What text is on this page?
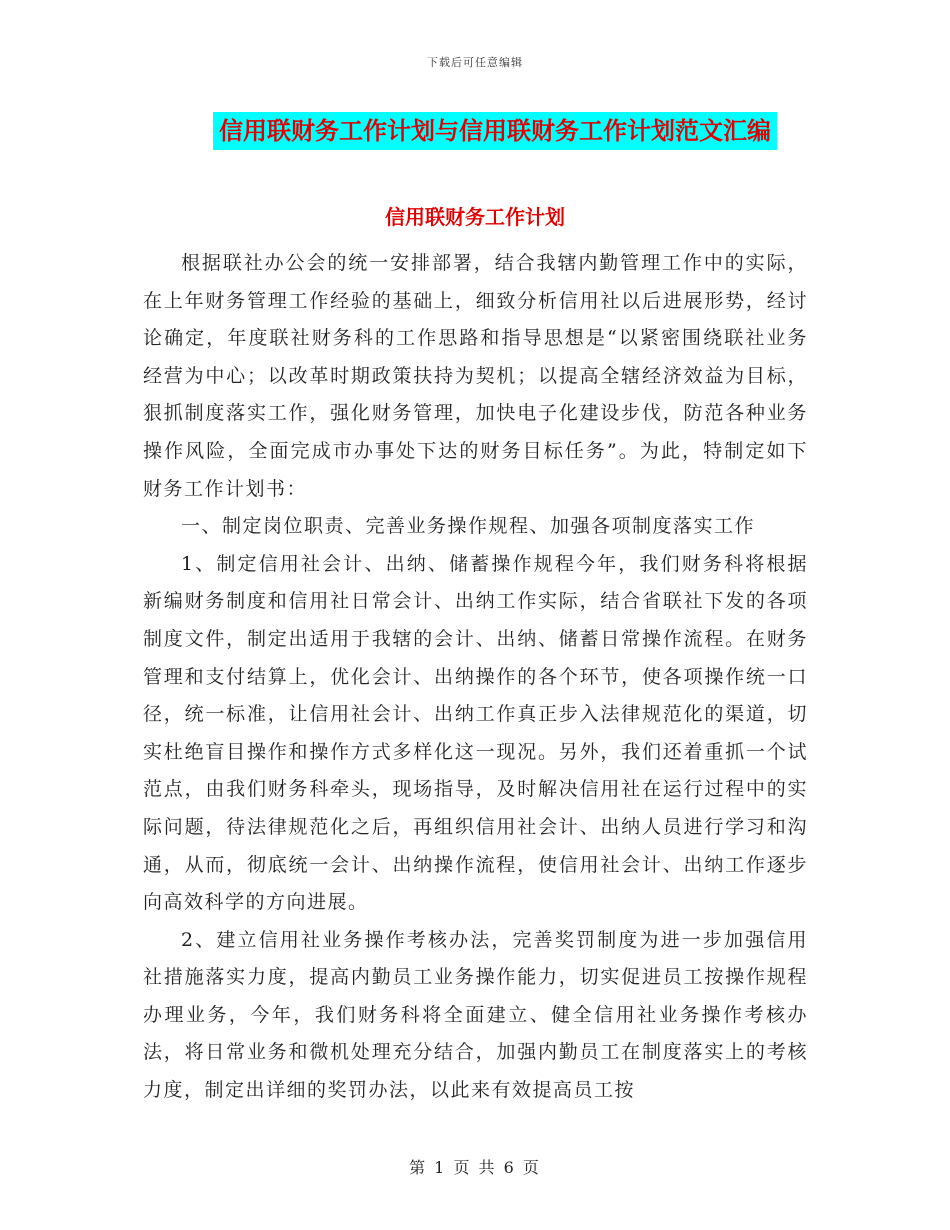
下载后可任意编辑
信用联财务工作计划与信用联财务工作计划范文汇编
信用联财务工作计划

根据联社办公会的统一安排部署，结合我辖内勤管理工作中的实际，在上年财务管理工作经验的基础上，细致分析信用社以后进展形势，经讨论确定，年度联社财务科的工作思路和指导思想是“以紧密围绕联社业务经营为中心；以改革时期政策扶持为契机；以提高全辖经济效益为目标，狠抓制度落实工作，强化财务管理，加快电子化建设步伐，防范各种业务操作风险，全面完成市办事处下达的财务目标任务”。为此，特制定如下财务工作计划书：

一、制定岗位职责、完善业务操作规程、加强各项制度落实工作

1、制定信用社会计、出纳、储蓄操作规程今年，我们财务科将根据新编财务制度和信用社日常会计、出纳工作实际，结合省联社下发的各项制度文件，制定出适用于我辖的会计、出纳、储蓄日常操作流程。在财务管理和支付结算上，优化会计、出纳操作的各个环节，使各项操作统一口径，统一标准，让信用社会计、出纳工作真正步入法律规范化的渠道，切实杜绝盲目操作和操作方式多样化这一现况。另外，我们还着重抓一个试范点，由我们财务科牵头，现场指导，及时解决信用社在运行过程中的实际问题，待法律规范化之后，再组织信用社会计、出纳人员进行学习和沟通，从而，彻底统一会计、出纳操作流程，使信用社会计、出纳工作逐步向高效科学的方向进展。

2、建立信用社业务操作考核办法，完善奖罚制度为进一步加强信用社措施落实力度，提高内勤员工业务操作能力，切实促进员工按操作规程办理业务，今年，我们财务科将全面建立、健全信用社业务操作考核办法，将日常业务和微机处理充分结合，加强内勤员工在制度落实上的考核力度，制定出详细的奖罚办法，以此来有效提高员工按

第 1 页 共 6 页
